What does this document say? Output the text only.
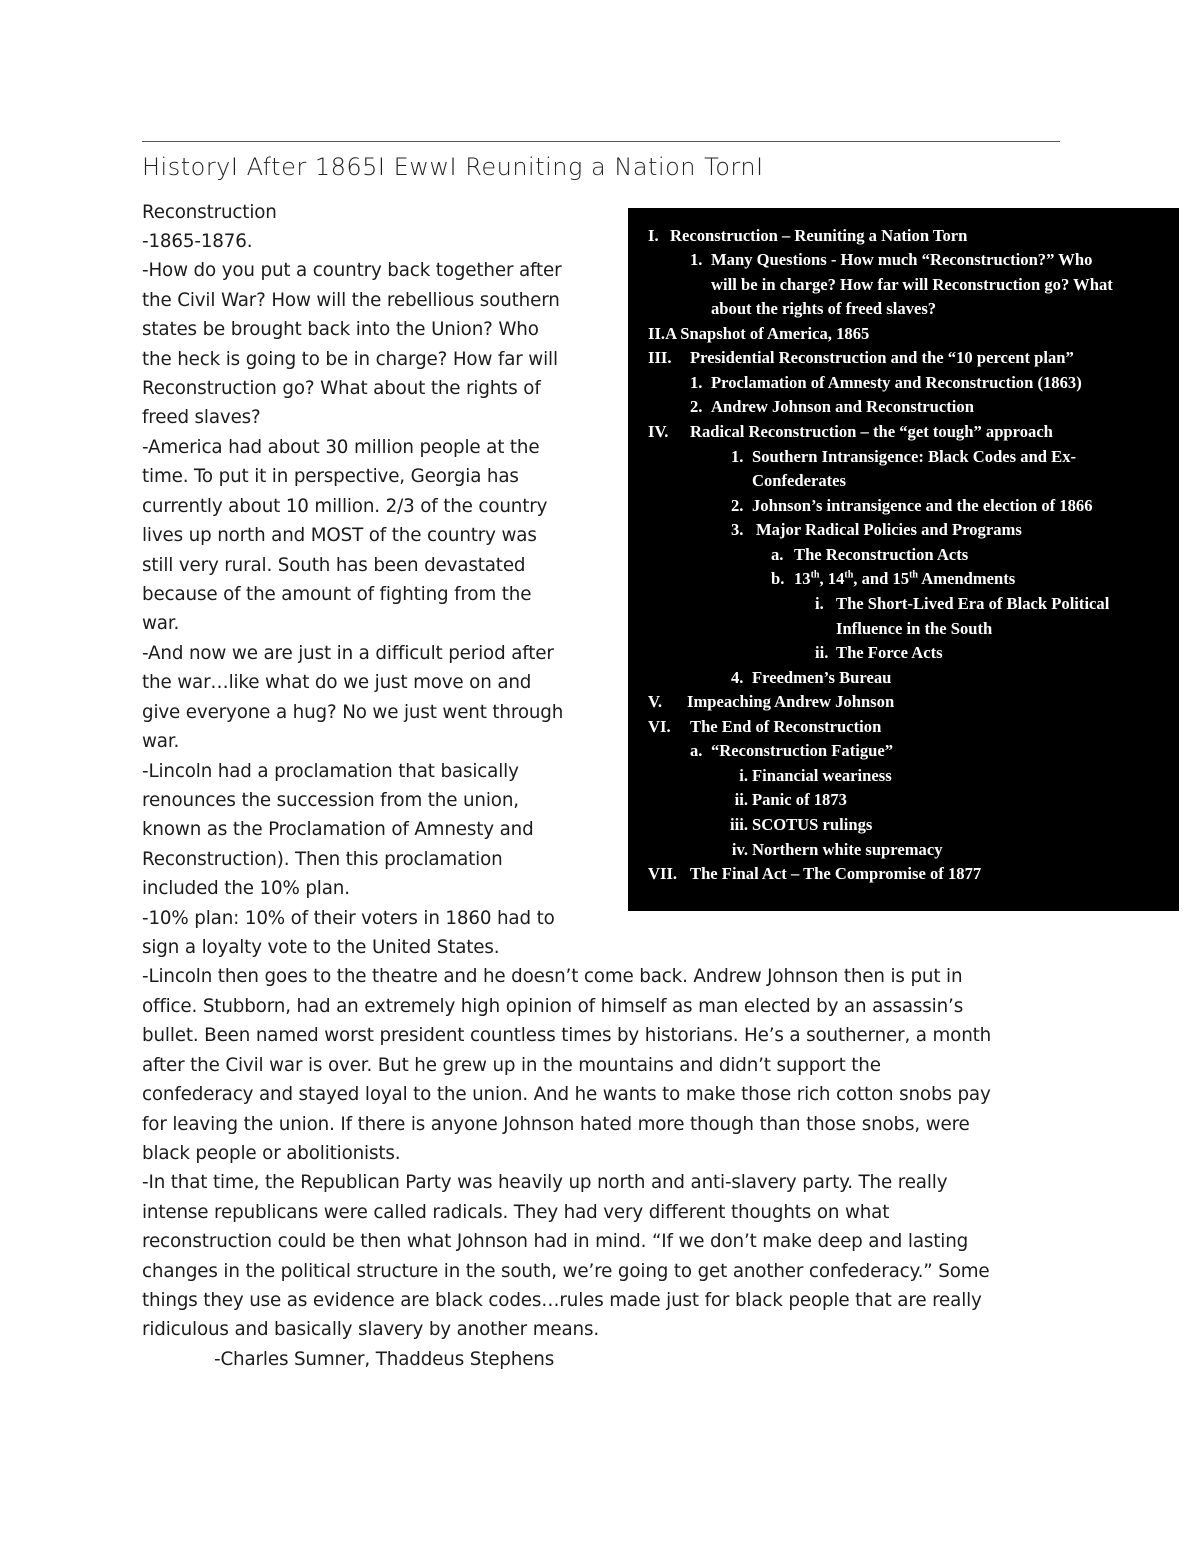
HistoryI After 1865I EwwI Reuniting a Nation TornI
Reconstruction
-1865-1876.
-How do you put a country back together after
the Civil War? How will the rebellious southern
states be brought back into the Union? Who
the heck is going to be in charge? How far will
Reconstruction go? What about the rights of
freed slaves?
-America had about 30 million people at the
time. To put it in perspective, Georgia has
currently about 10 million. 2/3 of the country
lives up north and MOST of the country was
still very rural. South has been devastated
because of the amount of fighting from the
war.
-And now we are just in a difficult period after
the war…like what do we just move on and
give everyone a hug? No we just went through
war.
-Lincoln had a proclamation that basically
renounces the succession from the union,
known as the Proclamation of Amnesty and
Reconstruction). Then this proclamation
included the 10% plan.
-10% plan: 10% of their voters in 1860 had to
sign a loyalty vote to the United States.
-Lincoln then goes to the theatre and he doesn’t come back. Andrew Johnson then is put in
office. Stubborn, had an extremely high opinion of himself as man elected by an assassin’s
bullet. Been named worst president countless times by historians. He’s a southerner, a month
after the Civil war is over. But he grew up in the mountains and didn’t support the
confederacy and stayed loyal to the union. And he wants to make those rich cotton snobs pay
for leaving the union. If there is anyone Johnson hated more though than those snobs, were
black people or abolitionists.
-In that time, the Republican Party was heavily up north and anti-slavery party. The really
intense republicans were called radicals. They had very different thoughts on what
reconstruction could be then what Johnson had in mind. “If we don’t make deep and lasting
changes in the political structure in the south, we’re going to get another confederacy.” Some
things they use as evidence are black codes…rules made just for black people that are really
ridiculous and basically slavery by another means.
-Charles Sumner, Thaddeus Stephens
I. Reconstruction – Reuniting a Nation Torn
1. Many Questions - How much “Reconstruction?” Who
will be in charge? How far will Reconstruction go? What
about the rights of freed slaves?
II.A Snapshot of America, 1865
III. Presidential Reconstruction and the “10 percent plan”
1. Proclamation of Amnesty and Reconstruction (1863)
2. Andrew Johnson and Reconstruction
IV. Radical Reconstruction – the “get tough” approach
1. Southern Intransigence: Black Codes and Ex-
Confederates
2. Johnson’s intransigence and the election of 1866
3. Major Radical Policies and Programs
a. The Reconstruction Acts
b. 13th, 14th, and 15th Amendments
i. The Short-Lived Era of Black Political
Influence in the South
ii. The Force Acts
4. Freedmen’s Bureau
V. Impeaching Andrew Johnson
VI. The End of Reconstruction
a. “Reconstruction Fatigue”
i. Financial weariness
ii. Panic of 1873
iii. SCOTUS rulings
iv. Northern white supremacy
VII. The Final Act – The Compromise of 1877
